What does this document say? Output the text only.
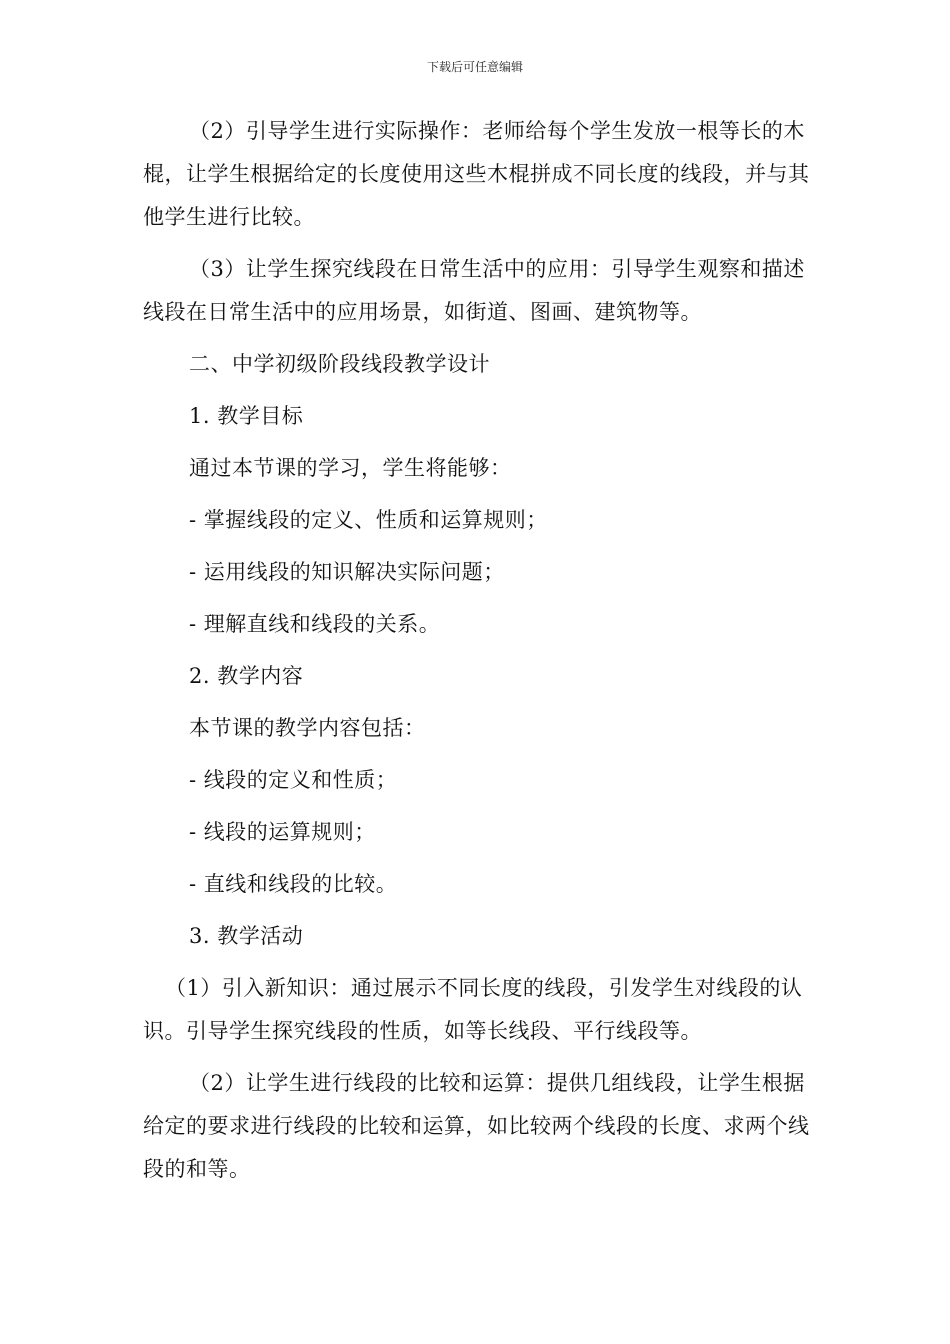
下载后可任意编辑

（2）引导学生进行实际操作：老师给每个学生发放一根等长的木棍，让学生根据给定的长度使用这些木棍拼成不同长度的线段，并与其他学生进行比较。

（3）让学生探究线段在日常生活中的应用：引导学生观察和描述线段在日常生活中的应用场景，如街道、图画、建筑物等。

二、中学初级阶段线段教学设计

1. 教学目标

通过本节课的学习，学生将能够：

- 掌握线段的定义、性质和运算规则；

- 运用线段的知识解决实际问题；

- 理解直线和线段的关系。

2. 教学内容

本节课的教学内容包括：

- 线段的定义和性质；

- 线段的运算规则；

- 直线和线段的比较。

3. 教学活动

（1）引入新知识：通过展示不同长度的线段，引发学生对线段的认识。引导学生探究线段的性质，如等长线段、平行线段等。

（2）让学生进行线段的比较和运算：提供几组线段，让学生根据给定的要求进行线段的比较和运算，如比较两个线段的长度、求两个线段的和等。
